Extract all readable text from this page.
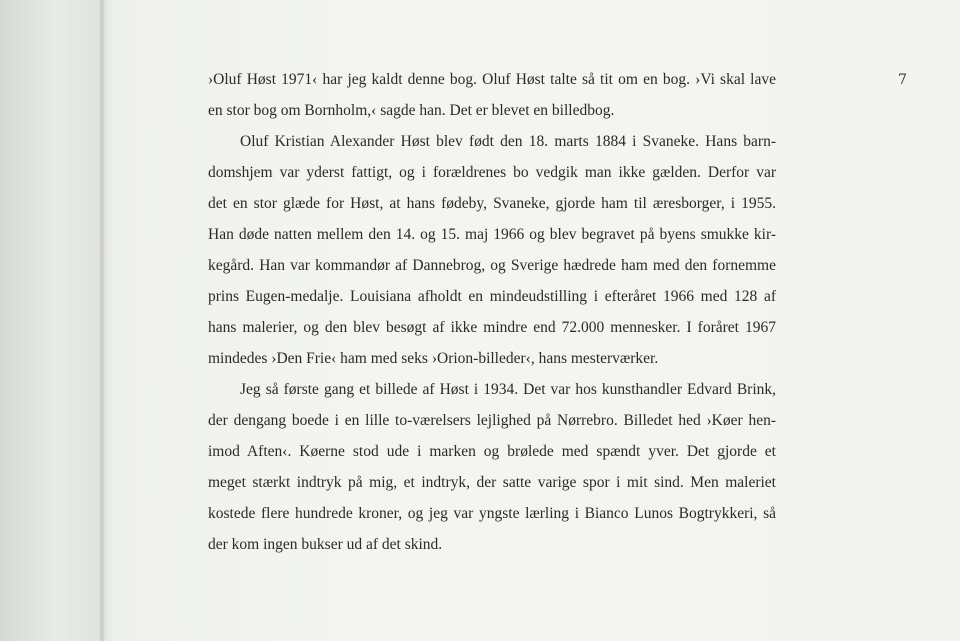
7
›Oluf Høst 1971‹ har jeg kaldt denne bog. Oluf Høst talte så tit om en bog. ›Vi skal lave
en stor bog om Bornholm,‹ sagde han. Det er blevet en billedbog.
Oluf Kristian Alexander Høst blev født den 18. marts 1884 i Svaneke. Hans barn-
domshjem var yderst fattigt, og i forældrenes bo vedgik man ikke gælden. Derfor var
det en stor glæde for Høst, at hans fødeby, Svaneke, gjorde ham til æresborger, i 1955.
Han døde natten mellem den 14. og 15. maj 1966 og blev begravet på byens smukke kir-
kegård. Han var kommandør af Dannebrog, og Sverige hædrede ham med den fornemme
prins Eugen-medalje. Louisiana afholdt en mindeudstilling i efteråret 1966 med 128 af
hans malerier, og den blev besøgt af ikke mindre end 72.000 mennesker. I foråret 1967
mindedes ›Den Frie‹ ham med seks ›Orion-billeder‹, hans mesterværker.
Jeg så første gang et billede af Høst i 1934. Det var hos kunsthandler Edvard Brink,
der dengang boede i en lille to-værelsers lejlighed på Nørrebro. Billedet hed ›Køer hen-
imod Aften‹. Køerne stod ude i marken og brølede med spændt yver. Det gjorde et
meget stærkt indtryk på mig, et indtryk, der satte varige spor i mit sind. Men maleriet
kostede flere hundrede kroner, og jeg var yngste lærling i Bianco Lunos Bogtrykkeri, så
der kom ingen bukser ud af det skind.
